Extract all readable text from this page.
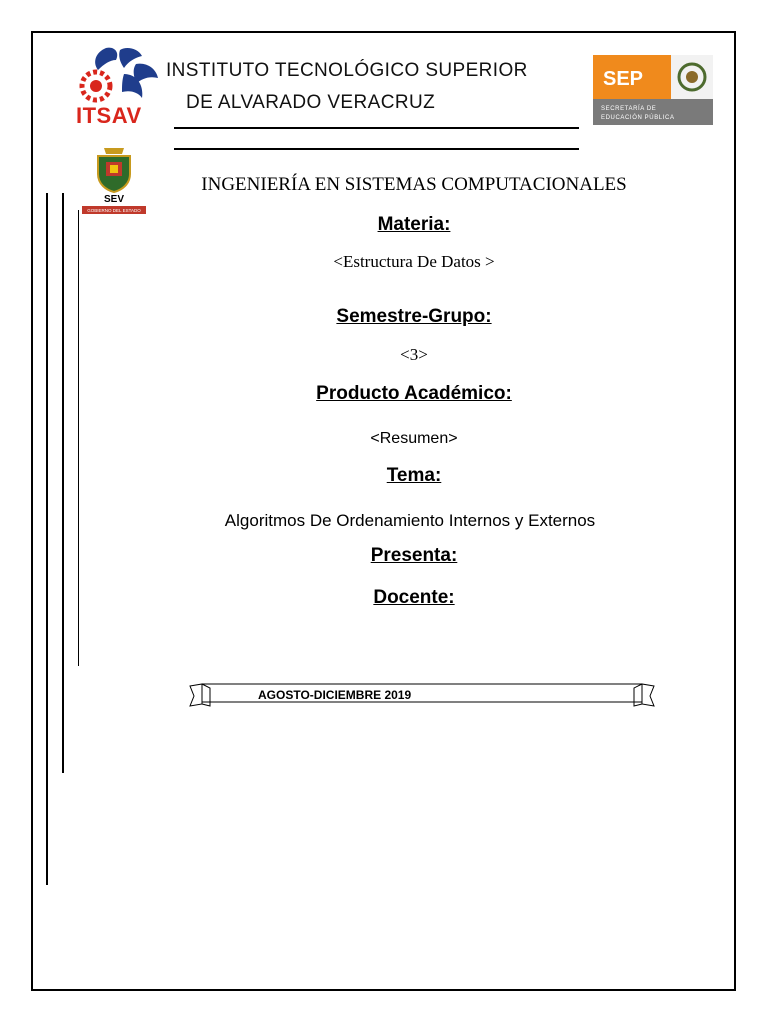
ITSAV
INSTITUTO TECNOLÓGICO SUPERIOR
DE ALVARADO VERACRUZ
SEP
SECRETARÍA DE
EDUCACIÓN PÚBLICA
SEV
GOBIERNO DEL ESTADO
INGENIERÍA EN SISTEMAS COMPUTACIONALES
Materia:
<Estructura De Datos >
Semestre-Grupo:
<3>
Producto Académico:
<Resumen>
Tema:
Algoritmos De Ordenamiento Internos y Externos
Presenta:
Docente:
AGOSTO-DICIEMBRE 2019
